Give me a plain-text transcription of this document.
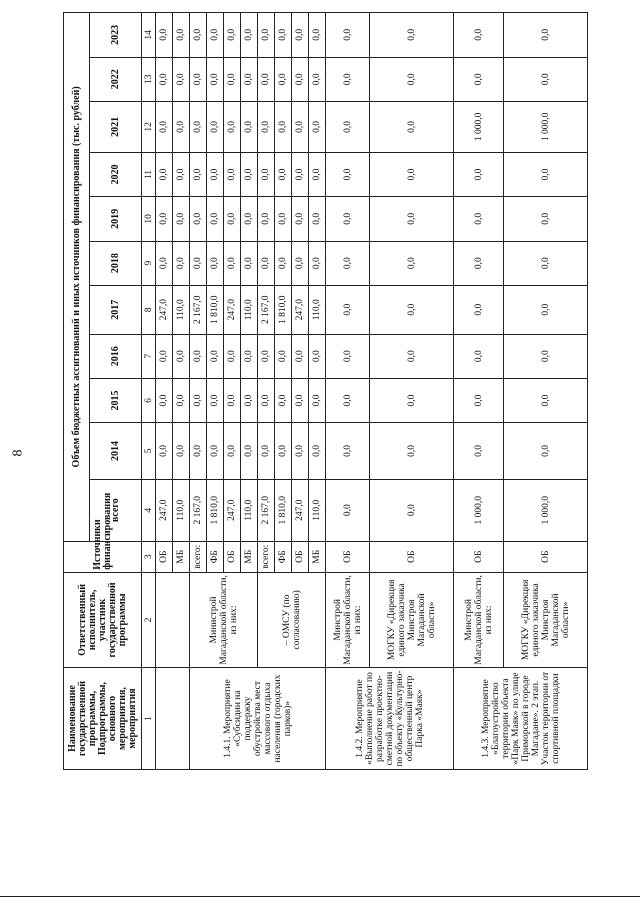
8
Наименование государственной программы, Подпрограммы, основного мероприятия, мероприятия	Ответственный исполнитель, участник государственной программы	Источники финансирования	Объем бюджетных ассигнований и иных источников финансирования (тыс. рублей)										
			всего	2014	2015	2016	2017	2018	2019	2020	2021	2022	2023
1	2	3	4	5	6	7	8	9	10	11	12	13	14
		ОБ	247,0	0,0	0,0	0,0	247,0	0,0	0,0	0,0	0,0	0,0	0,0
		МБ	110,0	0,0	0,0	0,0	110,0	0,0	0,0	0,0	0,0	0,0	0,0
1.4.1. Мероприятие «Субсидии на поддержку обустройства мест массового отдыха населения (городских парков)»	Министрой Магаданской области, из них:	всего:	2 167,0	0,0	0,0	0,0	2 167,0	0,0	0,0	0,0	0,0	0,0	0,0
		ФБ	1 810,0	0,0	0,0	0,0	1 810,0	0,0	0,0	0,0	0,0	0,0	0,0
		ОБ	247,0	0,0	0,0	0,0	247,0	0,0	0,0	0,0	0,0	0,0	0,0
		МБ	110,0	0,0	0,0	0,0	110,0	0,0	0,0	0,0	0,0	0,0	0,0
	– ОМСУ (по согласованию)	всего:	2 167,0	0,0	0,0	0,0	2 167,0	0,0	0,0	0,0	0,0	0,0	0,0
		ФБ	1 810,0	0,0	0,0	0,0	1 810,0	0,0	0,0	0,0	0,0	0,0	0,0
		ОБ	247,0	0,0	0,0	0,0	247,0	0,0	0,0	0,0	0,0	0,0	0,0
		МБ	110,0	0,0	0,0	0,0	110,0	0,0	0,0	0,0	0,0	0,0	0,0
1.4.2. Мероприятие «Выполнение работ по разработке проектно-сметной документации по объекту «Культурно-общественный центр Парка «Маяк»	Минстрой Магаданской области, из них:	ОБ	0,0	0,0	0,0	0,0	0,0	0,0	0,0	0,0	0,0	0,0	0,0
	МОГКУ «Дирекция единого заказчика Минстроя Магаданской области»	ОБ	0,0	0,0	0,0	0,0	0,0	0,0	0,0	0,0	0,0	0,0	0,0
1.4.3. Мероприятие «Благоустройство территории объекта «Парк Маяк» по улице Приморской в городе Магадане». 2 этап. Участок территории от спортивной площадки	Минстрой Магаданской области, из них:	ОБ	1 000,0	0,0	0,0	0,0	0,0	0,0	0,0	0,0	1 000,0	0,0	0,0
	МОГКУ «Дирекция единого заказчика Минстроя Магаданской области»	ОБ	1 000,0	0,0	0,0	0,0	0,0	0,0	0,0	0,0	1 000,0	0,0	0,0
